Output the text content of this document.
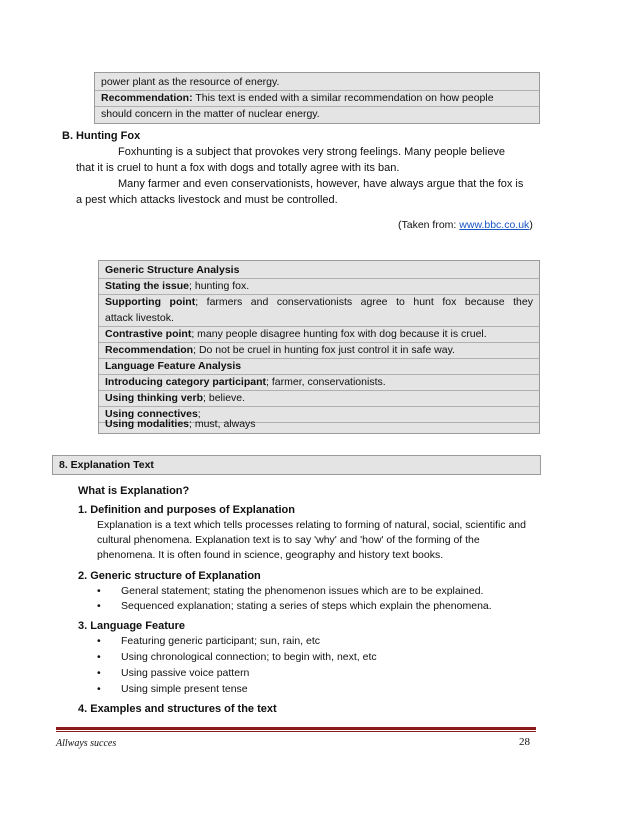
power plant as the resource of energy.
Recommendation: This text is ended with a similar recommendation on how people
should concern in the matter of nuclear energy.
B. Hunting Fox
Foxhunting is a subject that provokes very strong feelings. Many people believe
that it is cruel to hunt a fox with dogs and totally agree with its ban.
Many farmer and even conservationists, however, have always argue that the fox is
a pest which attacks livestock and must be controlled.
(Taken from: www.bbc.co.uk)
Generic Structure Analysis
Stating the issue; hunting fox.
Supporting point; farmers and conservationists agree to hunt fox because they
attack livestok.
Contrastive point; many people disagree hunting fox with dog because it is cruel.
Recommendation; Do not be cruel in hunting fox just control it in safe way.
Language Feature Analysis
Introducing category participant; farmer, conservationists.
Using thinking verb; believe.
Using connectives;
Using modalities; must, always
8. Explanation Text
What is Explanation?
1. Definition and purposes of Explanation
Explanation is a text which tells processes relating to forming of natural, social, scientific and
cultural phenomena. Explanation text is to say 'why' and 'how' of the forming of the
phenomena. It is often found in science, geography and history text books.
2. Generic structure of Explanation
• General statement; stating the phenomenon issues which are to be explained.
• Sequenced explanation; stating a series of steps which explain the phenomena.
3. Language Feature
• Featuring generic participant; sun, rain, etc
• Using chronological connection; to begin with, next, etc
• Using passive voice pattern
• Using simple present tense
4. Examples and structures of the text
Allways succes	28
